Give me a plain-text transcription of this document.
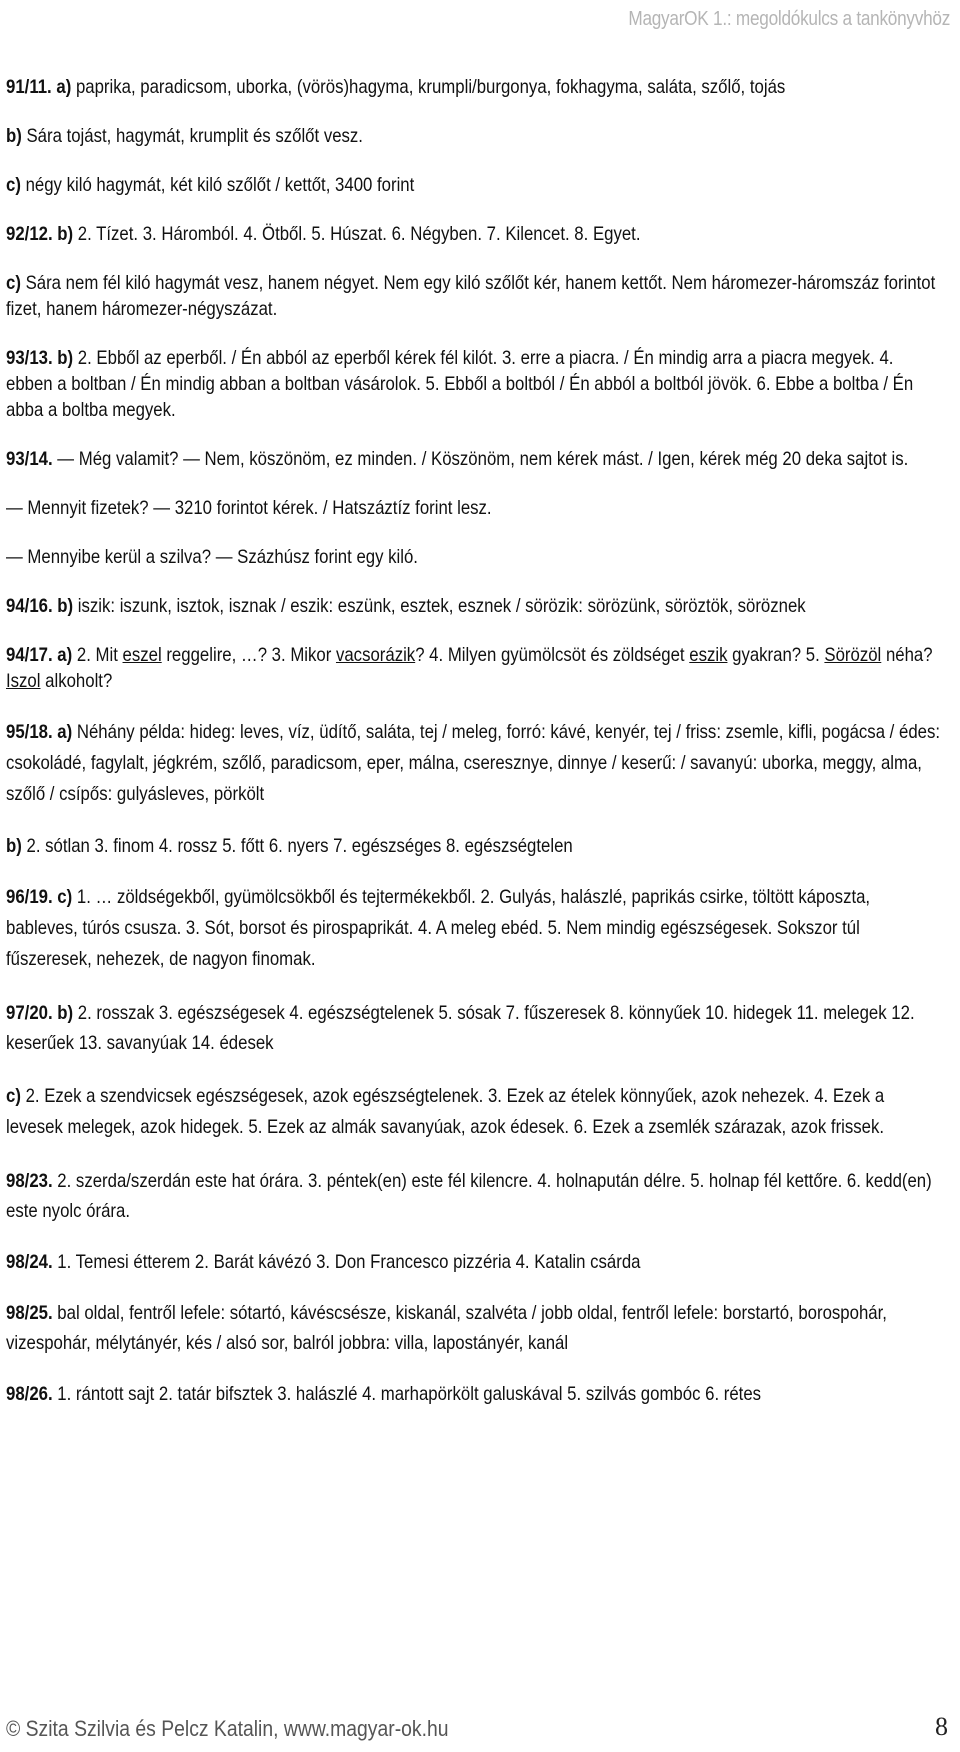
MagyarOK 1.: megoldókulcs a tankönyvhöz

91/11. a) paprika, paradicsom, uborka, (vörös)hagyma, krumpli/burgonya, fokhagyma, saláta, szőlő, tojás

b) Sára tojást, hagymát, krumplit és szőlőt vesz.

c) négy kiló hagymát, két kiló szőlőt / kettőt, 3400 forint

92/12. b) 2. Tízet. 3. Háromból. 4. Ötből. 5. Húszat. 6. Négyben. 7. Kilencet. 8. Egyet.

c) Sára nem fél kiló hagymát vesz, hanem négyet. Nem egy kiló szőlőt kér, hanem kettőt. Nem háromezer-háromszáz forintot fizet, hanem háromezer-négyszázat.

93/13. b) 2. Ebből az eperből. / Én abból az eperből kérek fél kilót. 3. erre a piacra. / Én mindig arra a piacra megyek. 4. ebben a boltban / Én mindig abban a boltban vásárolok. 5. Ebből a boltból / Én abból a boltból jövök. 6. Ebbe a boltba / Én abba a boltba megyek.

93/14. — Még valamit? — Nem, köszönöm, ez minden. / Köszönöm, nem kérek mást. / Igen, kérek még 20 deka sajtot is.

— Mennyit fizetek? — 3210 forintot kérek. / Hatszáztíz forint lesz.

— Mennyibe kerül a szilva? — Százhúsz forint egy kiló.

94/16. b) iszik: iszunk, isztok, isznak / eszik: eszünk, esztek, esznek / sörözik: sörözünk, söröztök, söröznek

94/17. a) 2. Mit eszel reggelire, …? 3. Mikor vacsorázik? 4. Milyen gyümölcsöt és zöldséget eszik gyakran? 5. Sörözöl néha? Iszol alkoholt?

95/18. a) Néhány példa: hideg: leves, víz, üdítő, saláta, tej / meleg, forró: kávé, kenyér, tej / friss: zsemle, kifli, pogácsa / édes: csokoládé, fagylalt, jégkrém, szőlő, paradicsom, eper, málna, cseresznye, dinnye / keserű: / savanyú: uborka, meggy, alma, szőlő / csípős: gulyásleves, pörkölt

b) 2. sótlan 3. finom 4. rossz 5. főtt 6. nyers 7. egészséges 8. egészségtelen

96/19. c) 1. … zöldségekből, gyümölcsökből és tejtermékekből. 2. Gulyás, halászlé, paprikás csirke, töltött káposzta, bableves, túrós csusza. 3. Sót, borsot és pirospaprikát. 4. A meleg ebéd. 5. Nem mindig egészségesek. Sokszor túl fűszeresek, nehezek, de nagyon finomak.

97/20. b) 2. rosszak 3. egészségesek 4. egészségtelenek 5. sósak 7. fűszeresek 8. könnyűek 10. hidegek 11. melegek 12. keserűek 13. savanyúak 14. édesek

c) 2. Ezek a szendvicsek egészségesek, azok egészségtelenek. 3. Ezek az ételek könnyűek, azok nehezek. 4. Ezek a levesek melegek, azok hidegek. 5. Ezek az almák savanyúak, azok édesek. 6. Ezek a zsemlék szárazak, azok frissek.

98/23. 2. szerda/szerdán este hat órára. 3. péntek(en) este fél kilencre. 4. holnapután délre. 5. holnap fél kettőre. 6. kedd(en) este nyolc órára.

98/24. 1. Temesi étterem 2. Barát kávézó 3. Don Francesco pizzéria 4. Katalin csárda

98/25. bal oldal, fentről lefele: sótartó, kávéscsésze, kiskanál, szalvéta / jobb oldal, fentről lefele: borstartó, borospohár, vizespohár, mélytányér, kés / alsó sor, balról jobbra: villa, lapostányér, kanál

98/26. 1. rántott sajt 2. tatár bifsztek 3. halászlé 4. marhapörkölt galuskával 5. szilvás gombóc 6. rétes

© Szita Szilvia és Pelcz Katalin, www.magyar-ok.hu	8
